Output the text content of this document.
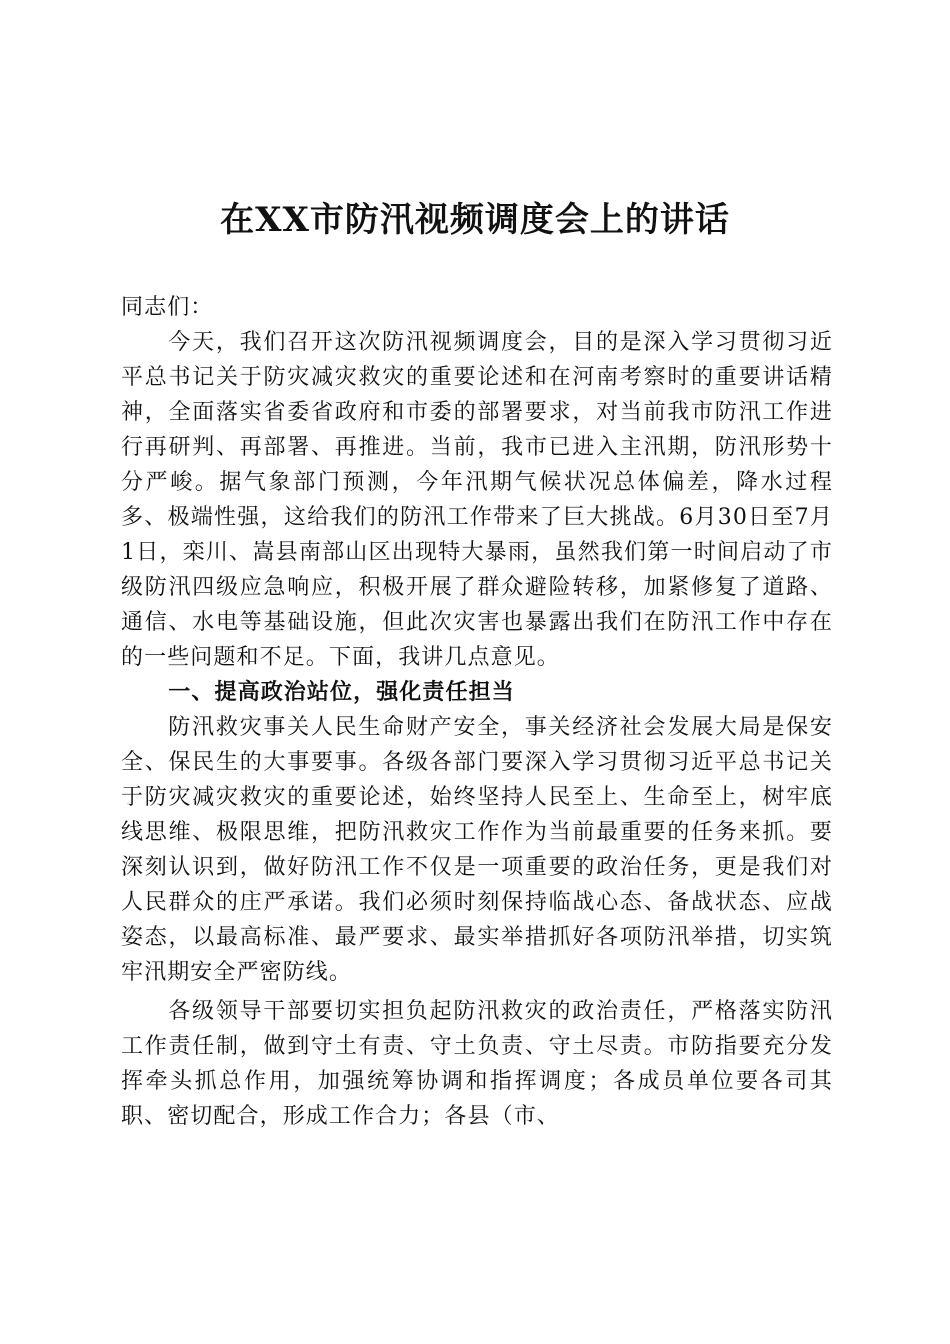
在XX市防汛视频调度会上的讲话

同志们：

今天，我们召开这次防汛视频调度会，目的是深入学习贯彻习近平总书记关于防灾减灾救灾的重要论述和在河南考察时的重要讲话精神，全面落实省委省政府和市委的部署要求，对当前我市防汛工作进行再研判、再部署、再推进。当前，我市已进入主汛期，防汛形势十分严峻。据气象部门预测，今年汛期气候状况总体偏差，降水过程多、极端性强，这给我们的防汛工作带来了巨大挑战。6月30日至7月1日，栾川、嵩县南部山区出现特大暴雨，虽然我们第一时间启动了市级防汛四级应急响应，积极开展了群众避险转移，加紧修复了道路、通信、水电等基础设施，但此次灾害也暴露出我们在防汛工作中存在的一些问题和不足。下面，我讲几点意见。

一、提高政治站位，强化责任担当

防汛救灾事关人民生命财产安全，事关经济社会发展大局是保安全、保民生的大事要事。各级各部门要深入学习贯彻习近平总书记关于防灾减灾救灾的重要论述，始终坚持人民至上、生命至上，树牢底线思维、极限思维，把防汛救灾工作作为当前最重要的任务来抓。要深刻认识到，做好防汛工作不仅是一项重要的政治任务，更是我们对人民群众的庄严承诺。我们必须时刻保持临战心态、备战状态、应战姿态，以最高标准、最严要求、最实举措抓好各项防汛举措，切实筑牢汛期安全严密防线。

各级领导干部要切实担负起防汛救灾的政治责任，严格落实防汛工作责任制，做到守土有责、守土负责、守土尽责。市防指要充分发挥牵头抓总作用，加强统筹协调和指挥调度；各成员单位要各司其职、密切配合，形成工作合力；各县（市、
